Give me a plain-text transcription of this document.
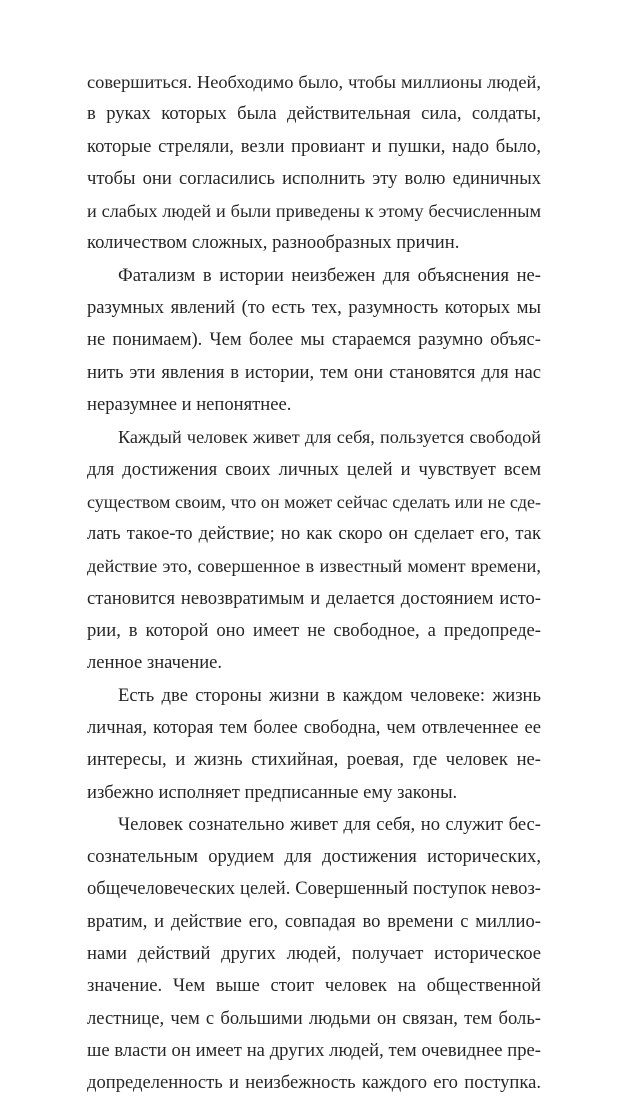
совершиться. Необходимо было, чтобы миллионы людей,
в руках которых была действительная сила, солдаты,
которые стреляли, везли провиант и пушки, надо было,
чтобы они согласились исполнить эту волю единичных
и слабых людей и были приведены к этому бесчисленным
количеством сложных, разнообразных причин.
Фатализм в истории неизбежен для объяснения не-
разумных явлений (то есть тех, разумность которых мы
не понимаем). Чем более мы стараемся разумно объяс-
нить эти явления в истории, тем они становятся для нас
неразумнее и непонятнее.
Каждый человек живет для себя, пользуется свободой
для достижения своих личных целей и чувствует всем
существом своим, что он может сейчас сделать или не сде-
лать такое-то действие; но как скоро он сделает его, так
действие это, совершенное в известный момент времени,
становится невозвратимым и делается достоянием исто-
рии, в которой оно имеет не свободное, а предопреде-
ленное значение.
Есть две стороны жизни в каждом человеке: жизнь
личная, которая тем более свободна, чем отвлеченнее ее
интересы, и жизнь стихийная, роевая, где человек не-
избежно исполняет предписанные ему законы.
Человек сознательно живет для себя, но служит бес-
сознательным орудием для достижения исторических,
общечеловеческих целей. Совершенный поступок невоз-
вратим, и действие его, совпадая во времени с миллио-
нами действий других людей, получает историческое
значение. Чем выше стоит человек на общественной
лестнице, чем с большими людьми он связан, тем боль-
ше власти он имеет на других людей, тем очевиднее пре-
допределенность и неизбежность каждого его поступка.
